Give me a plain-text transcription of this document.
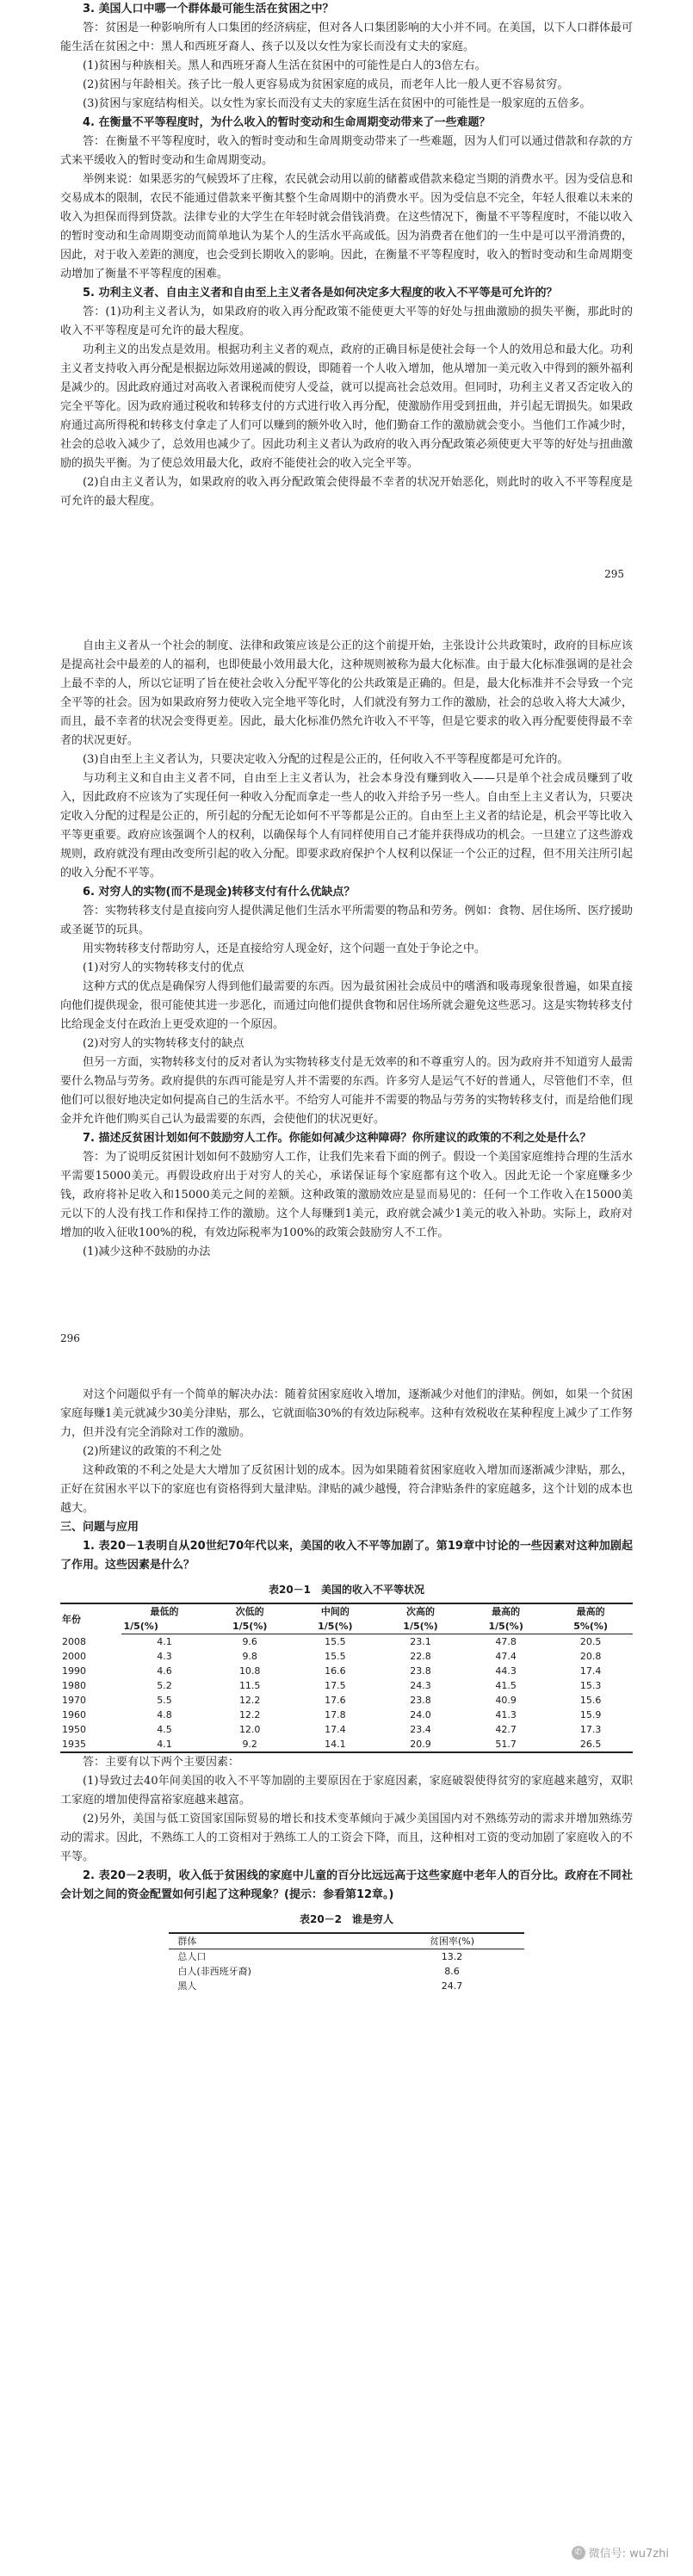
3. 美国人口中哪一个群体最可能生活在贫困之中？

答：贫困是一种影响所有人口集团的经济病症，但对各人口集团影响的大小并不同。在美国，以下人口群体最可能生活在贫困之中：黑人和西班牙裔人、孩子以及以女性为家长而没有丈夫的家庭。

(1)贫困与种族相关。黑人和西班牙裔人生活在贫困中的可能性是白人的3倍左右。

(2)贫困与年龄相关。孩子比一般人更容易成为贫困家庭的成员，而老年人比一般人更不容易贫穷。

(3)贫困与家庭结构相关。以女性为家长而没有丈夫的家庭生活在贫困中的可能性是一般家庭的五倍多。

4. 在衡量不平等程度时，为什么收入的暂时变动和生命周期变动带来了一些难题？

答：在衡量不平等程度时，收入的暂时变动和生命周期变动带来了一些难题，因为人们可以通过借款和存款的方式来平缓收入的暂时变动和生命周期变动。

举例来说：如果恶劣的气候毁坏了庄稼，农民就会动用以前的储蓄或借款来稳定当期的消费水平。因为受信息和交易成本的限制，农民不能通过借款来平衡其整个生命周期中的消费水平。因为受信息不完全，年轻人很难以未来的收入为担保而得到贷款。法律专业的大学生在年轻时就会借钱消费。在这些情况下，衡量不平等程度时，不能以收入的暂时变动和生命周期变动而简单地认为某个人的生活水平高或低。因为消费者在他们的一生中是可以平滑消费的，因此，对于收入差距的测度，也会受到长期收入的影响。因此，在衡量不平等程度时，收入的暂时变动和生命周期变动增加了衡量不平等程度的困难。

5. 功利主义者、自由主义者和自由至上主义者各是如何决定多大程度的收入不平等是可允许的？

答：(1)功利主义者认为，如果政府的收入再分配政策不能使更大平等的好处与扭曲激励的损失平衡，那此时的收入不平等程度是可允许的最大程度。

功利主义的出发点是效用。根据功利主义者的观点，政府的正确目标是使社会每一个人的效用总和最大化。功利主义者支持收入再分配是根据边际效用递减的假设，即随着一个人收入增加，他从增加一美元收入中得到的额外福利是减少的。因此政府通过对高收入者课税而使穷人受益，就可以提高社会总效用。但同时，功利主义者又否定收入的完全平等化。因为政府通过税收和转移支付的方式进行收入再分配，使激励作用受到扭曲，并引起无谓损失。如果政府通过高所得税和转移支付拿走了人们可以赚到的额外收入时，他们勤奋工作的激励就会变小。当他们工作减少时，社会的总收入减少了，总效用也减少了。因此功利主义者认为政府的收入再分配政策必须使更大平等的好处与扭曲激励的损失平衡。为了使总效用最大化，政府不能使社会的收入完全平等。

(2)自由主义者认为，如果政府的收入再分配政策会使得最不幸者的状况开始恶化，则此时的收入不平等程度是可允许的最大程度。

295

自由主义者从一个社会的制度、法律和政策应该是公正的这个前提开始，主张设计公共政策时，政府的目标应该是提高社会中最差的人的福利，也即使最小效用最大化，这种规则被称为最大化标准。由于最大化标准强调的是社会上最不幸的人，所以它证明了旨在使社会收入分配平等化的公共政策是正确的。但是，最大化标准并不会导致一个完全平等的社会。因为如果政府努力使收入完全地平等化时，人们就没有努力工作的激励，社会的总收入将大大减少，而且，最不幸者的状况会变得更差。因此，最大化标准仍然允许收入不平等，但是它要求的收入再分配要使得最不幸者的状况更好。

(3)自由至上主义者认为，只要决定收入分配的过程是公正的，任何收入不平等程度都是可允许的。

与功利主义和自由主义者不同，自由至上主义者认为，社会本身没有赚到收入——只是单个社会成员赚到了收入，因此政府不应该为了实现任何一种收入分配而拿走一些人的收入并给予另一些人。自由至上主义者认为，只要决定收入分配的过程是公正的，所引起的分配无论如何不平等都是公正的。自由至上主义者的结论是，机会平等比收入平等更重要。政府应该强调个人的权利，以确保每个人有同样使用自己才能并获得成功的机会。一旦建立了这些游戏规则，政府就没有理由改变所引起的收入分配。即要求政府保护个人权利以保证一个公正的过程，但不用关注所引起的收入分配不平等。

6. 对穷人的实物(而不是现金)转移支付有什么优缺点？

答：实物转移支付是直接向穷人提供满足他们生活水平所需要的物品和劳务。例如：食物、居住场所、医疗援助或圣诞节的玩具。

用实物转移支付帮助穷人，还是直接给穷人现金好，这个问题一直处于争论之中。

(1)对穷人的实物转移支付的优点

这种方式的优点是确保穷人得到他们最需要的东西。因为最贫困社会成员中的嗜酒和吸毒现象很普遍，如果直接向他们提供现金，很可能使其进一步恶化，而通过向他们提供食物和居住场所就会避免这些恶习。这是实物转移支付比给现金支付在政治上更受欢迎的一个原因。

(2)对穷人的实物转移支付的缺点

但另一方面，实物转移支付的反对者认为实物转移支付是无效率的和不尊重穷人的。因为政府并不知道穷人最需要什么物品与劳务。政府提供的东西可能是穷人并不需要的东西。许多穷人是运气不好的普通人，尽管他们不幸，但他们可以很好地决定如何提高自己的生活水平。不给穷人可能并不需要的物品与劳务的实物转移支付，而是给他们现金并允许他们购买自己认为最需要的东西，会使他们的状况更好。

7. 描述反贫困计划如何不鼓励穷人工作。你能如何减少这种障碍？你所建议的政策的不利之处是什么？

答：为了说明反贫困计划如何不鼓励穷人工作，让我们先来看下面的例子。假设一个美国家庭维持合理的生活水平需要15000美元。再假设政府出于对穷人的关心，承诺保证每个家庭都有这个收入。因此无论一个家庭赚多少钱，政府将补足收入和15000美元之间的差额。这种政策的激励效应是显而易见的：任何一个工作收入在15000美元以下的人没有找工作和保持工作的激励。这个人每赚到1美元，政府就会减少1美元的收入补助。实际上，政府对增加的收入征收100%的税，有效边际税率为100%的政策会鼓励穷人不工作。

(1)减少这种不鼓励的办法

296

对这个问题似乎有一个简单的解决办法：随着贫困家庭收入增加，逐渐减少对他们的津贴。例如，如果一个贫困家庭每赚1美元就减少30美分津贴，那么，它就面临30%的有效边际税率。这种有效税收在某种程度上减少了工作努力，但并没有完全消除对工作的激励。

(2)所建议的政策的不利之处

这种政策的不利之处是大大增加了反贫困计划的成本。因为如果随着贫困家庭收入增加而逐渐减少津贴，那么，正好在贫困水平以下的家庭也有资格得到大量津贴。津贴的减少越慢，符合津贴条件的家庭越多，这个计划的成本也越大。

三、问题与应用

1. 表20－1表明自从20世纪70年代以来，美国的收入不平等加剧了。第19章中讨论的一些因素对这种加剧起了作用。这些因素是什么？

表20－1　美国的收入不平等状况
年份	最低的	次低的	中间的	次高的	最高的	最高的
	1/5(%)	1/5(%)	1/5(%)	1/5(%)	1/5(%)	5%(%)
2008	4.1	9.6	15.5	23.1	47.8	20.5
2000	4.3	9.8	15.5	22.8	47.4	20.8
1990	4.6	10.8	16.6	23.8	44.3	17.4
1980	5.2	11.5	17.5	24.3	41.5	15.3
1970	5.5	12.2	17.6	23.8	40.9	15.6
1960	4.8	12.2	17.8	24.0	41.3	15.9
1950	4.5	12.0	17.4	23.4	42.7	17.3
1935	4.1	9.2	14.1	20.9	51.7	26.5

答：主要有以下两个主要因素：

(1)导致过去40年间美国的收入不平等加剧的主要原因在于家庭因素，家庭破裂使得贫穷的家庭越来越穷，双职工家庭的增加使得富裕家庭越来越富。

(2)另外，美国与低工资国家国际贸易的增长和技术变革倾向于减少美国国内对不熟练劳动的需求并增加熟练劳动的需求。因此，不熟练工人的工资相对于熟练工人的工资会下降，而且，这种相对工资的变动加剧了家庭收入的不平等。

2. 表20－2表明，收入低于贫困线的家庭中儿童的百分比远远高于这些家庭中老年人的百分比。政府在不同社会计划之间的资金配置如何引起了这种现象？(提示：参看第12章。)

表20－2　谁是穷人
群体	贫困率(%)
总人口	13.2
白人(非西班牙裔)	8.6
黑人	24.7
✆ 微信号: wu7zhi
